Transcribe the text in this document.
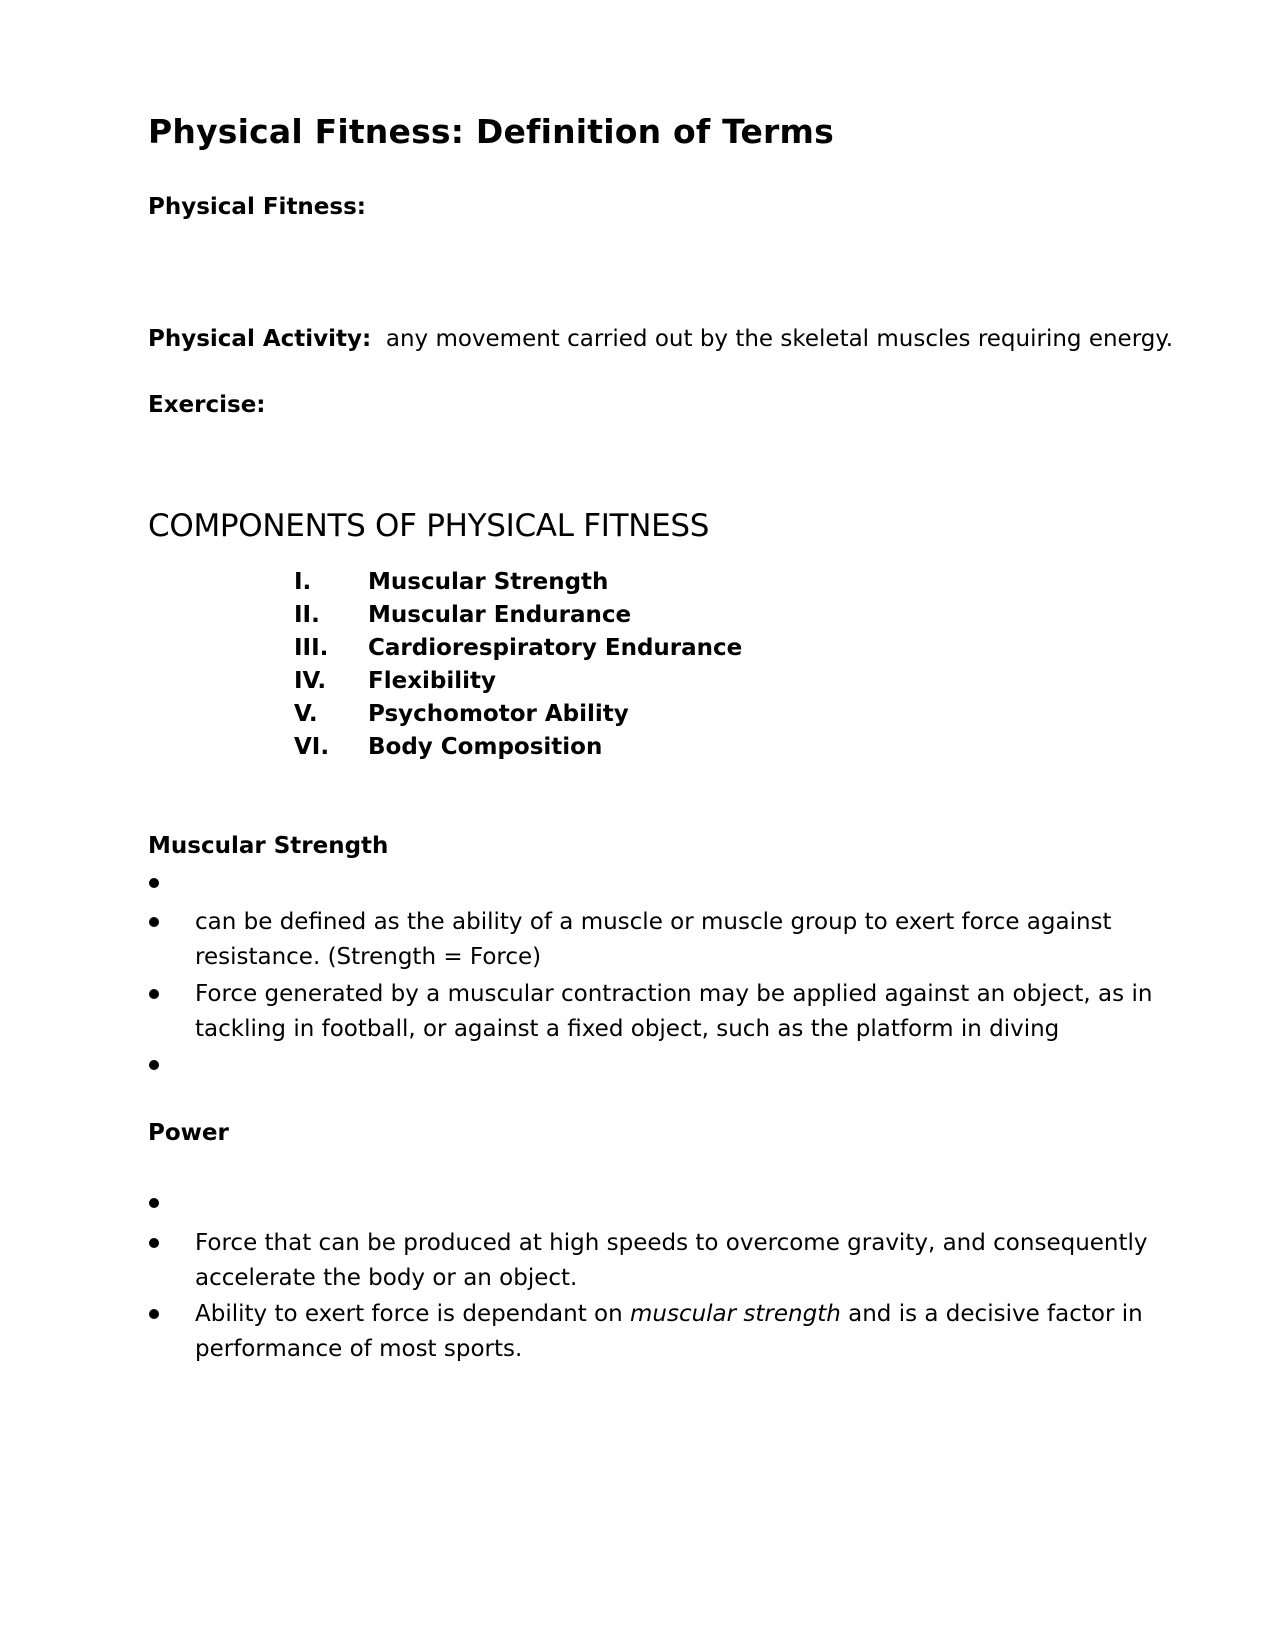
Physical Fitness: Definition of Terms
Physical Fitness:
Physical Activity: any movement carried out by the skeletal muscles requiring energy.
Exercise:
COMPONENTS OF PHYSICAL FITNESS
I.	Muscular Strength
II.	Muscular Endurance
III.	Cardiorespiratory Endurance
IV.	Flexibility
V.	Psychomotor Ability
VI.	Body Composition
Muscular Strength
can be defined as the ability of a muscle or muscle group to exert force against resistance. (Strength = Force)
Force generated by a muscular contraction may be applied against an object, as in tackling in football, or against a fixed object, such as the platform in diving
Power
Force that can be produced at high speeds to overcome gravity, and consequently accelerate the body or an object.
Ability to exert force is dependant on muscular strength and is a decisive factor in performance of most sports.
